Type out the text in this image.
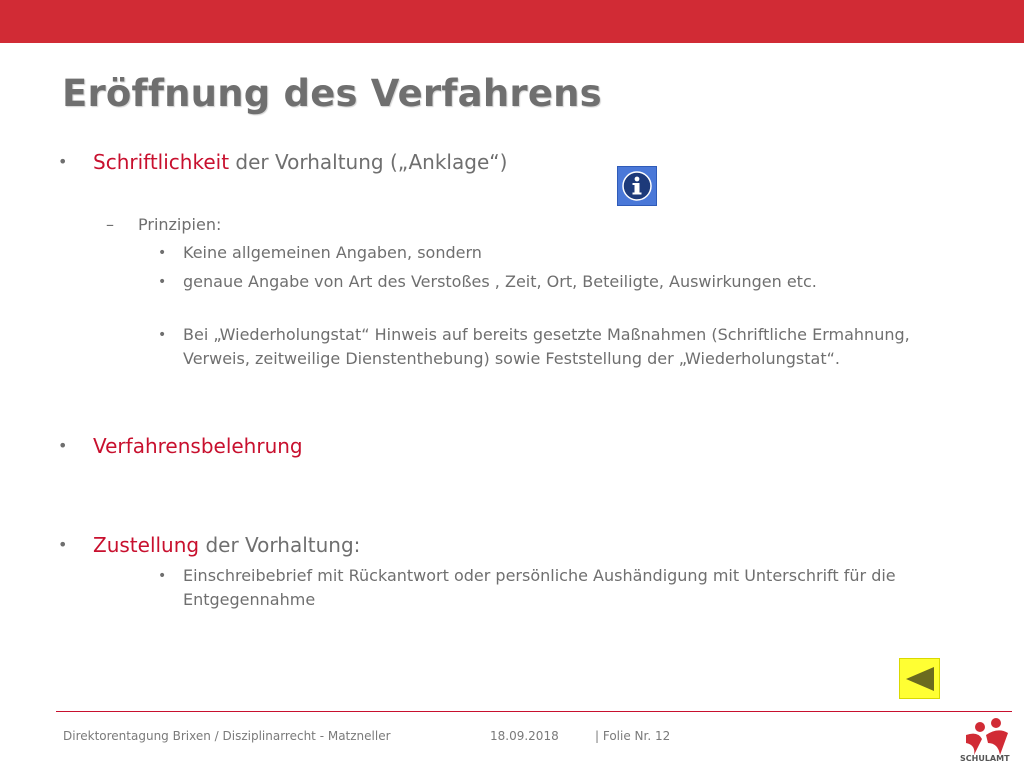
Eröffnung des Verfahrens
• Schriftlichkeit der Vorhaltung („Anklage“)
– Prinzipien:
• Keine allgemeinen Angaben, sondern
• genaue Angabe von Art des Verstoßes , Zeit, Ort, Beteiligte, Auswirkungen etc.
• Bei „Wiederholungstat“ Hinweis auf bereits gesetzte Maßnahmen (Schriftliche Ermahnung, Verweis, zeitweilige Dienstenthebung) sowie Feststellung der „Wiederholungstat“.
• Verfahrensbelehrung
• Zustellung der Vorhaltung:
• Einschreibebrief mit Rückantwort oder persönliche Aushändigung mit Unterschrift für die Entgegennahme
Direktorentagung Brixen / Disziplinarrecht - Matzneller	18.09.2018	| Folie Nr. 12
SCHULAMT
